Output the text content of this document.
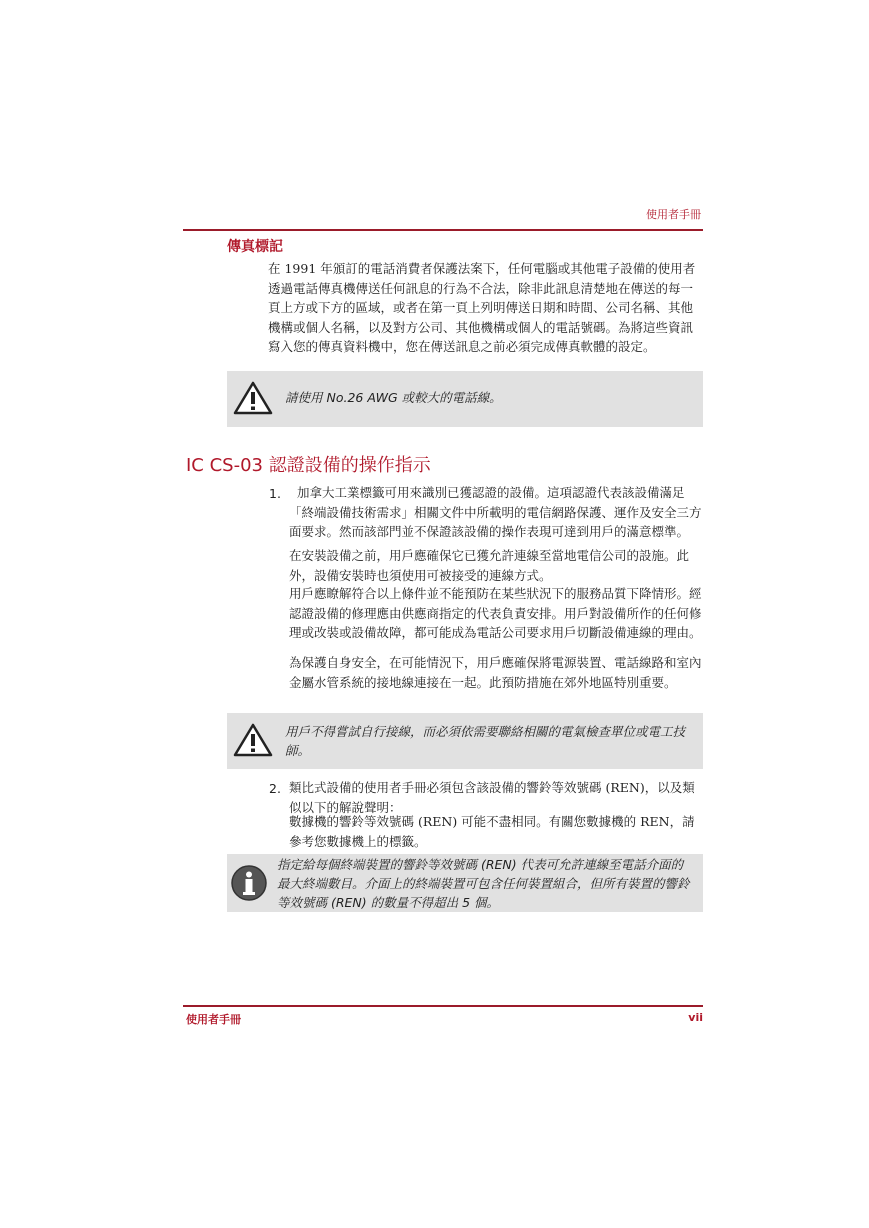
使用者手冊
傳真標記
在 1991 年頒訂的電話消費者保護法案下，任何電腦或其他電子設備的使用者透過電話傳真機傳送任何訊息的行為不合法，除非此訊息清楚地在傳送的每一頁上方或下方的區域，或者在第一頁上列明傳送日期和時間、公司名稱、其他機構或個人名稱，以及對方公司、其他機構或個人的電話號碼。為將這些資訊寫入您的傳真資料機中，您在傳送訊息之前必須完成傳真軟體的設定。
請使用 No.26 AWG 或較大的電話線。
IC CS-03 認證設備的操作指示
1.	加拿大工業標籤可用來識別已獲認證的設備。這項認證代表該設備滿足「終端設備技術需求」相關文件中所載明的電信網路保護、運作及安全三方面要求。然而該部門並不保證該設備的操作表現可達到用戶的滿意標準。
在安裝設備之前，用戶應確保它已獲允許連線至當地電信公司的設施。此外，設備安裝時也須使用可被接受的連線方式。
用戶應瞭解符合以上條件並不能預防在某些狀況下的服務品質下降情形。經認證設備的修理應由供應商指定的代表負責安排。用戶對設備所作的任何修理或改裝或設備故障，都可能成為電話公司要求用戶切斷設備連線的理由。
為保護自身安全，在可能情況下，用戶應確保將電源裝置、電話線路和室內金屬水管系統的接地線連接在一起。此預防措施在郊外地區特別重要。
用戶不得嘗試自行接線，而必須依需要聯絡相關的電氣檢查單位或電工技師。
2. 類比式設備的使用者手冊必須包含該設備的響鈴等效號碼 (REN)，以及類似以下的解說聲明：
數據機的響鈴等效號碼 (REN) 可能不盡相同。有關您數據機的 REN，請參考您數據機上的標籤。
指定給每個終端裝置的響鈴等效號碼 (REN) 代表可允許連線至電話介面的最大終端數目。介面上的終端裝置可包含任何裝置組合，但所有裝置的響鈴等效號碼 (REN) 的數量不得超出 5 個。
使用者手冊	vii
